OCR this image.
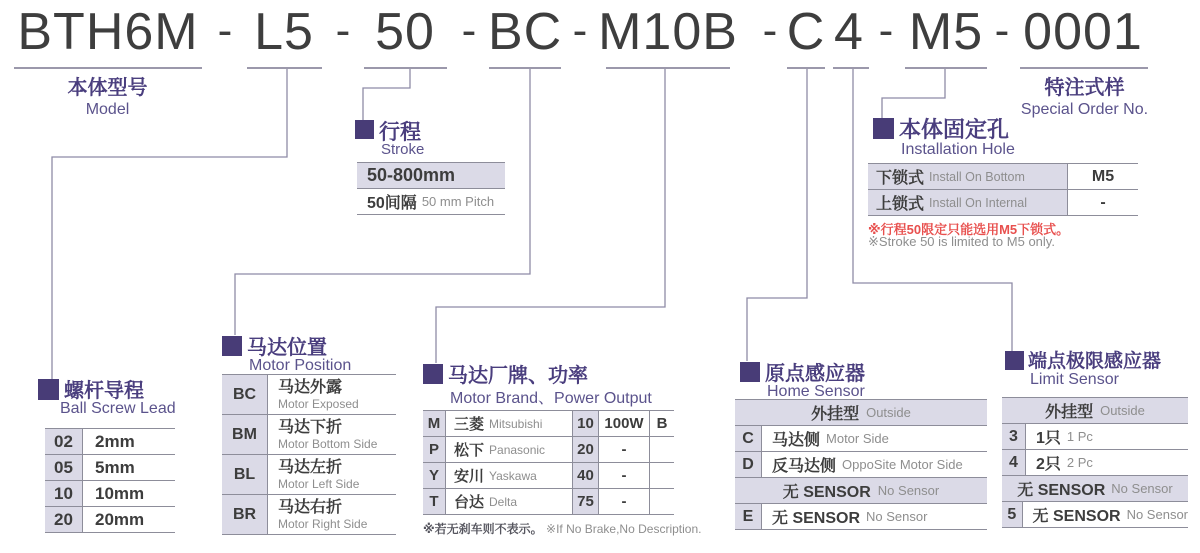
BTH6M - L5 - 50 - BC - M10B - C 4 - M5 - 0001
本体型号
Model
特注式样
Special Order No.
行程
Stroke
50-800mm
50间隔 50 mm Pitch
本体固定孔
Installation Hole
下锁式 Install On Bottom	M5
上锁式 Install On Internal	-
※行程50限定只能选用M5下锁式。
※Stroke 50 is limited to M5 only.
螺杆导程
Ball Screw Lead
02	2mm
05	5mm
10	10mm
20	20mm
马达位置
Motor Position
BC	马达外露
Motor Exposed
BM	马达下折
Motor Bottom Side
BL	马达左折
Motor Left Side
BR	马达右折
Motor Right Side
马达厂牌、功率
Motor Brand、Power Output
M 三菱 Mitsubishi 10 100W B
P	松下 Panasonic 20	-
Y	安川 Yaskawa	40	-
T	台达 Delta	75	-
※若无刹车则不表示。 ※If No Brake,No Description.
原点感应器
Home Sensor
外挂型 Outside
C	马达侧 Motor Side
D	反马达侧 OppoSite Motor Side
无 SENSOR No Sensor
E	无 SENSOR No Sensor
端点极限感应器
Limit Sensor
外挂型 Outside
3	1只 1 Pc
4	2只 2 Pc
无 SENSOR No Sensor
5	无 SENSOR No Sensor
